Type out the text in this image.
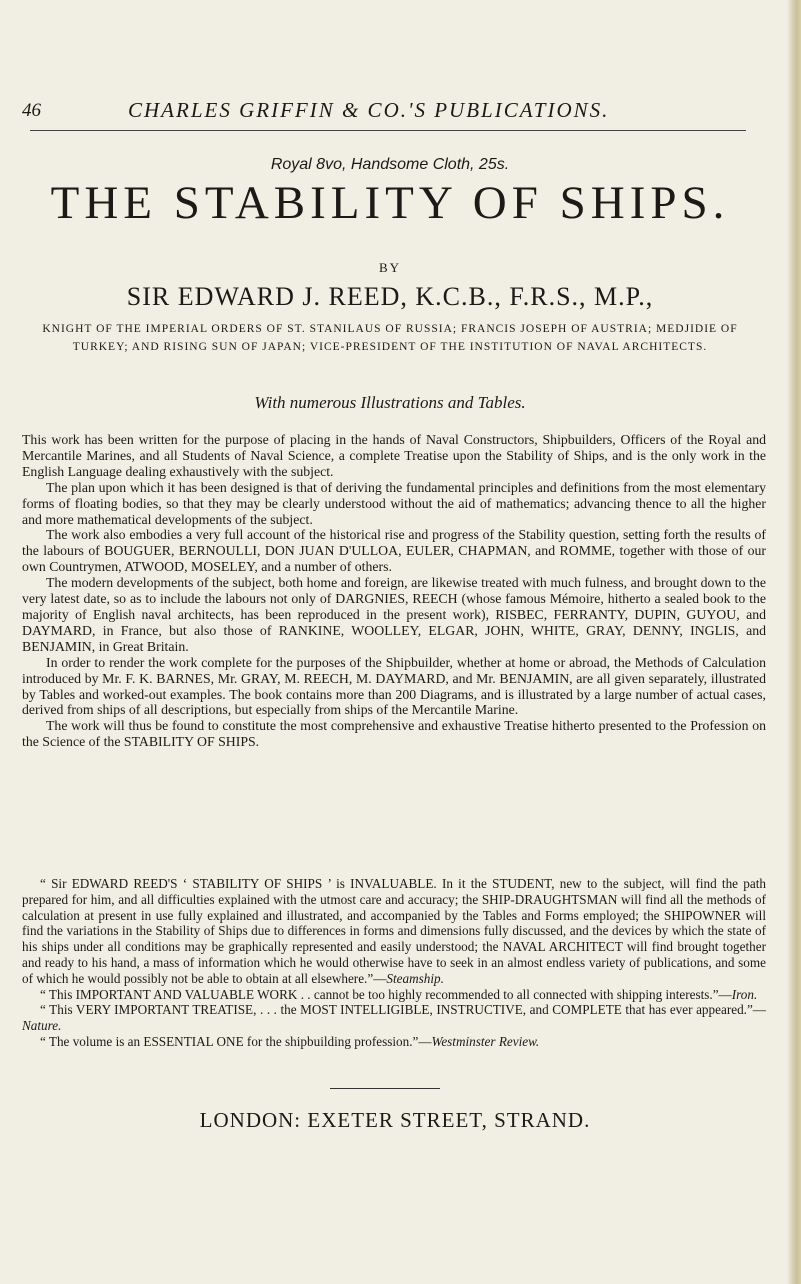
46	CHARLES GRIFFIN & CO.'S PUBLICATIONS.
Royal 8vo, Handsome Cloth, 25s.
THE STABILITY OF SHIPS.
BY
SIR EDWARD J. REED, K.C.B., F.R.S., M.P.,
KNIGHT OF THE IMPERIAL ORDERS OF ST. STANILAUS OF RUSSIA; FRANCIS JOSEPH OF AUSTRIA; MEDJIDIE OF TURKEY; AND RISING SUN OF JAPAN; VICE-PRESIDENT OF THE INSTITUTION OF NAVAL ARCHITECTS.
With numerous Illustrations and Tables.

This work has been written for the purpose of placing in the hands of Naval Constructors, Shipbuilders, Officers of the Royal and Mercantile Marines, and all Students of Naval Science, a complete Treatise upon the Stability of Ships, and is the only work in the English Language dealing exhaustively with the subject.

The plan upon which it has been designed is that of deriving the fundamental principles and definitions from the most elementary forms of floating bodies, so that they may be clearly understood without the aid of mathematics; advancing thence to all the higher and more mathematical developments of the subject.

The work also embodies a very full account of the historical rise and progress of the Stability question, setting forth the results of the labours of BOUGUER, BERNOULLI, DON JUAN D'ULLOA, EULER, CHAPMAN, and ROMME, together with those of our own Countrymen, ATWOOD, MOSELEY, and a number of others.

The modern developments of the subject, both home and foreign, are likewise treated with much fulness, and brought down to the very latest date, so as to include the labours not only of DARGNIES, REECH (whose famous Mémoire, hitherto a sealed book to the majority of English naval architects, has been reproduced in the present work), RISBEC, FERRANTY, DUPIN, GUYOU, and DAYMARD, in France, but also those of RANKINE, WOOLLEY, ELGAR, JOHN, WHITE, GRAY, DENNY, INGLIS, and BENJAMIN, in Great Britain.

In order to render the work complete for the purposes of the Shipbuilder, whether at home or abroad, the Methods of Calculation introduced by Mr. F. K. BARNES, Mr. GRAY, M. REECH, M. DAYMARD, and Mr. BENJAMIN, are all given separately, illustrated by Tables and worked-out examples. The book contains more than 200 Diagrams, and is illustrated by a large number of actual cases, derived from ships of all descriptions, but especially from ships of the Mercantile Marine.

The work will thus be found to constitute the most comprehensive and exhaustive Treatise hitherto presented to the Profession on the Science of the STABILITY OF SHIPS.

“ Sir EDWARD REED'S ‘ STABILITY OF SHIPS ’ is INVALUABLE. In it the STUDENT, new to the subject, will find the path prepared for him, and all difficulties explained with the utmost care and accuracy; the SHIP-DRAUGHTSMAN will find all the methods of calculation at present in use fully explained and illustrated, and accompanied by the Tables and Forms employed; the SHIPOWNER will find the variations in the Stability of Ships due to differences in forms and dimensions fully discussed, and the devices by which the state of his ships under all conditions may be graphically represented and easily understood; the NAVAL ARCHITECT will find brought together and ready to his hand, a mass of information which he would otherwise have to seek in an almost endless variety of publications, and some of which he would possibly not be able to obtain at all elsewhere.”—Steamship.

“ This IMPORTANT AND VALUABLE WORK . . cannot be too highly recommended to all connected with shipping interests.”—Iron.

“ This VERY IMPORTANT TREATISE, . . . the MOST INTELLIGIBLE, INSTRUCTIVE, and COMPLETE that has ever appeared.”—Nature.

“ The volume is an ESSENTIAL ONE for the shipbuilding profession.”—Westminster Review.

LONDON: EXETER STREET, STRAND.
